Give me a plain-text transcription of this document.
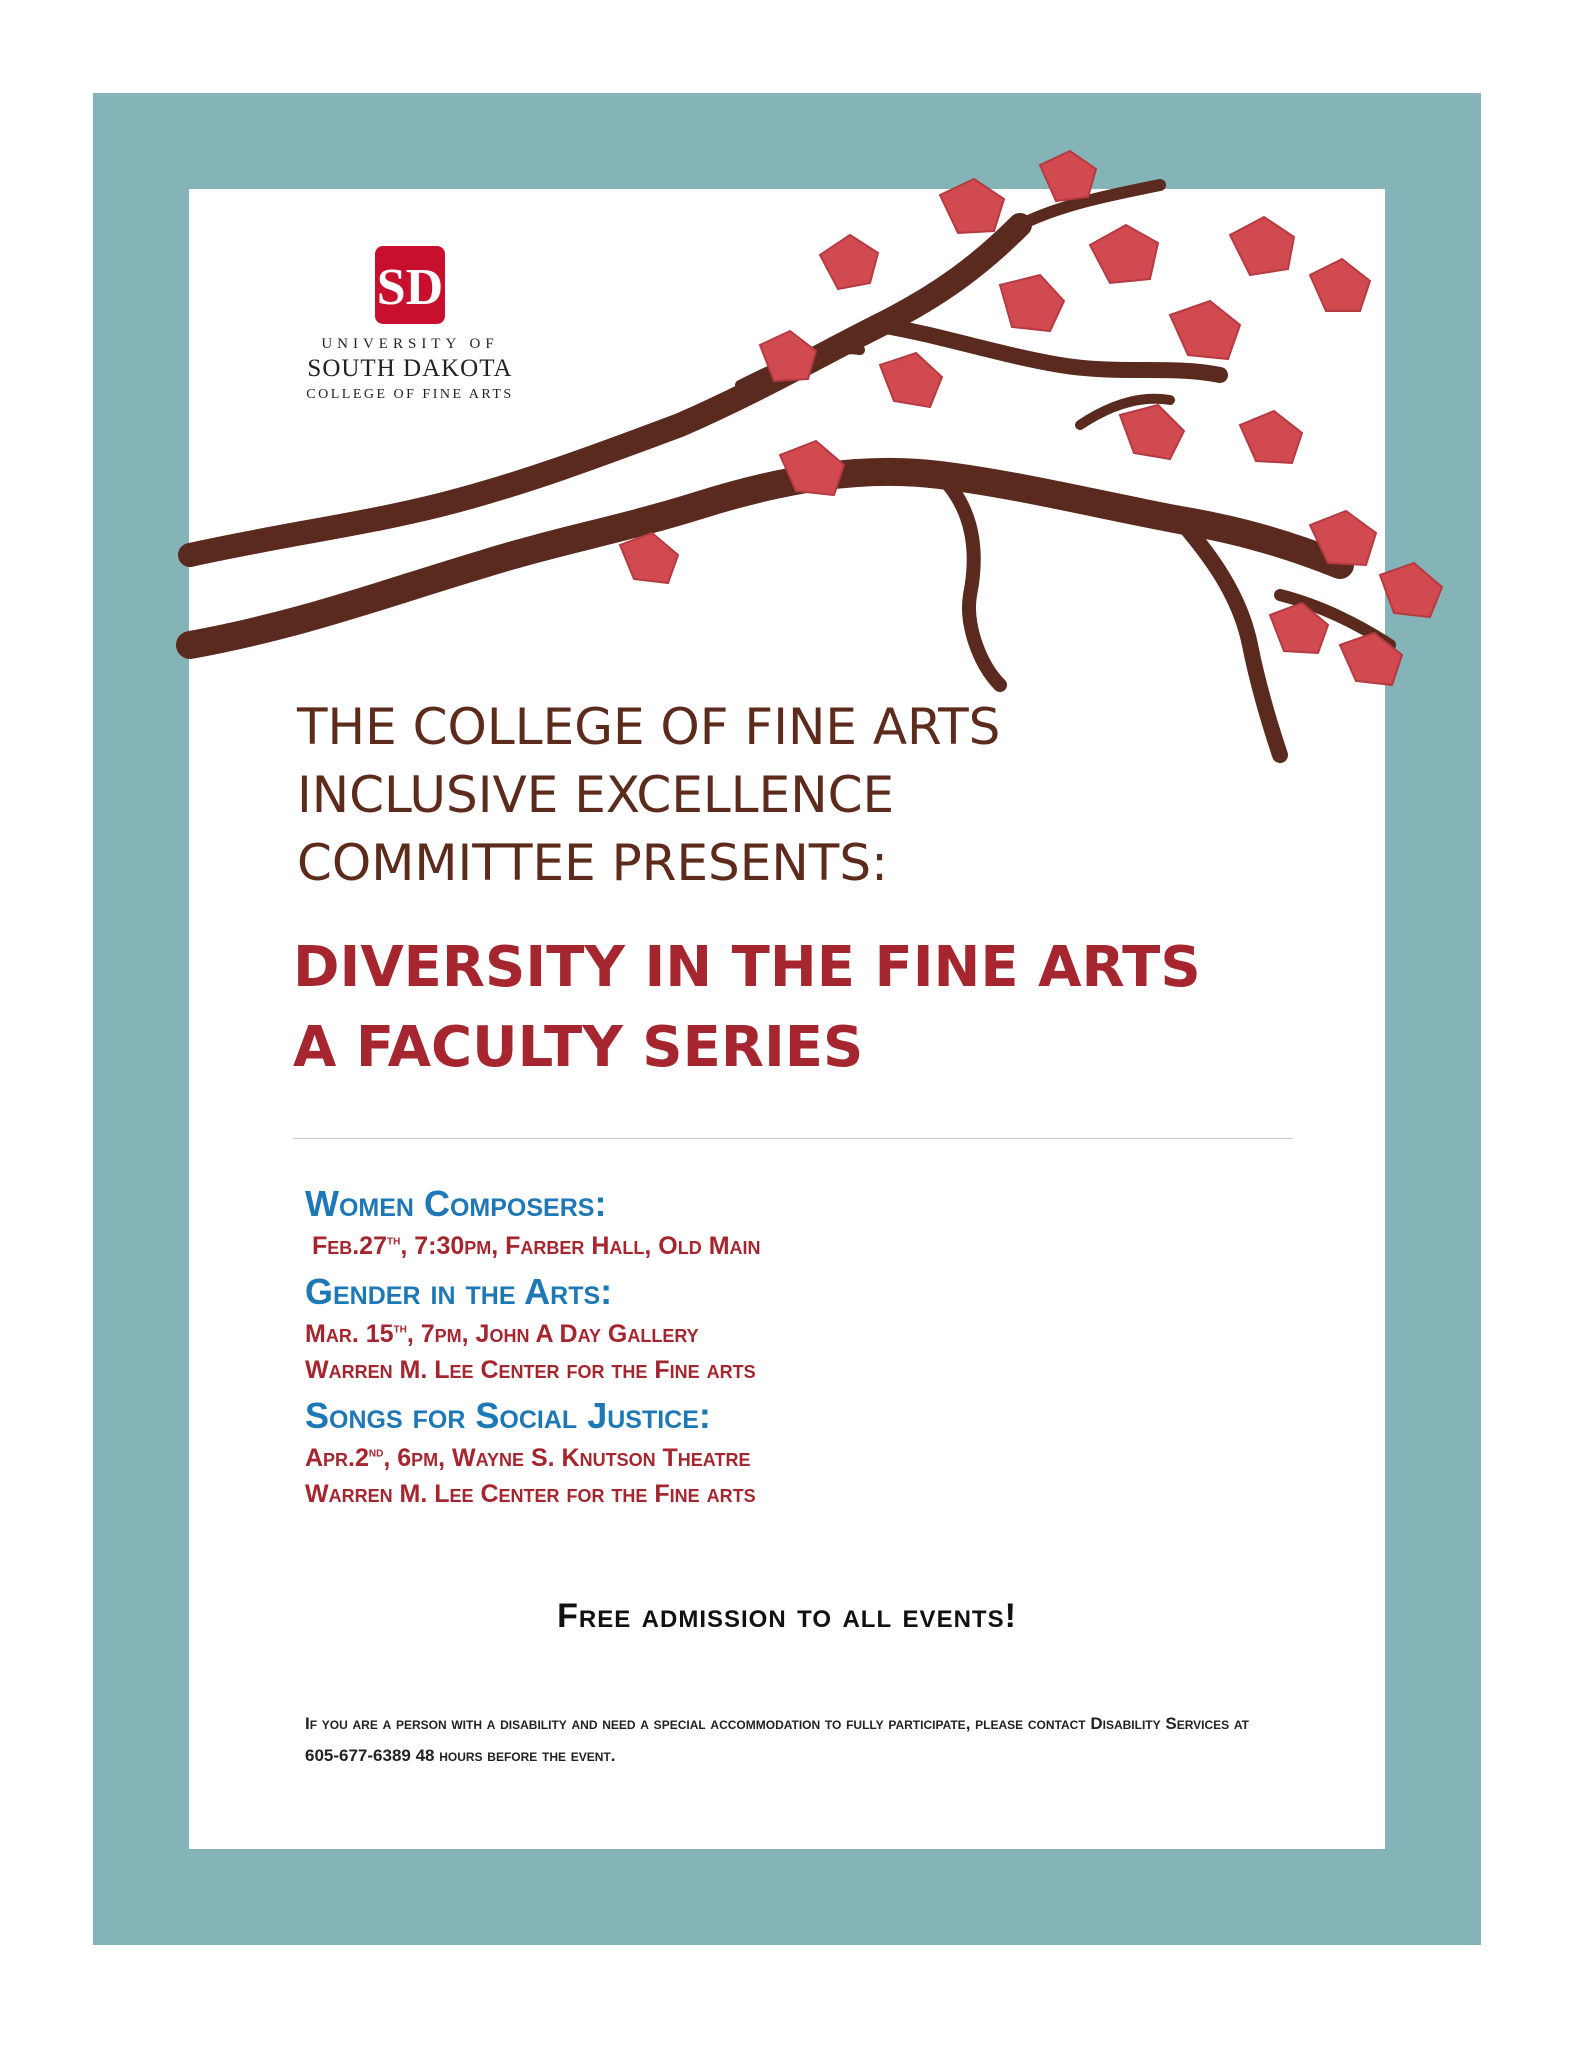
SD
UNIVERSITY OF
SOUTH DAKOTA
COLLEGE OF FINE ARTS
THE COLLEGE OF FINE ARTS
INCLUSIVE EXCELLENCE
COMMITTEE PRESENTS:
DIVERSITY IN THE FINE ARTS
A FACULTY SERIES
Women Composers:
Feb.27th, 7:30pm, Farber Hall, Old Main
Gender in the Arts:
Mar. 15th, 7pm, John A Day Gallery
Warren M. Lee Center for the Fine arts
Songs for Social Justice:
Apr.2nd, 6pm, Wayne S. Knutson Theatre
Warren M. Lee Center for the Fine arts
Free admission to all events!
If you are a person with a disability and need a special accommodation to fully participate, please contact Disability Services at 605-677-6389 48 hours before the event.
